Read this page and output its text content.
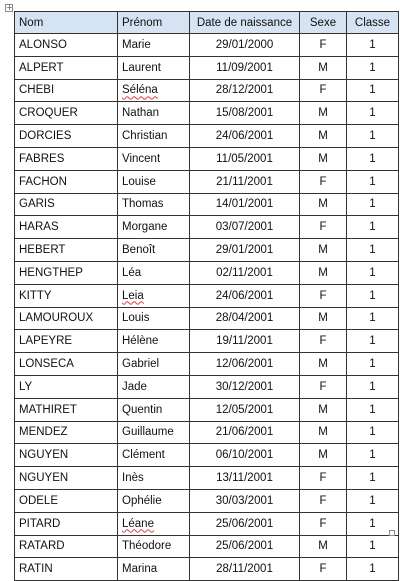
+
Nom	Prénom	Date de naissance	Sexe	Classe
ALONSO	Marie	29/01/2000	F	1
ALPERT	Laurent	11/09/2001	M	1
CHEBI	Séléna	28/12/2001	F	1
CROQUER	Nathan	15/08/2001	M	1
DORCIES	Christian	24/06/2001	M	1
FABRES	Vincent	11/05/2001	M	1
FACHON	Louise	21/11/2001	F	1
GARIS	Thomas	14/01/2001	M	1
HARAS	Morgane	03/07/2001	F	1
HEBERT	Benoît	29/01/2001	M	1
HENGTHEP	Léa	02/11/2001	M	1
KITTY	Leia	24/06/2001	F	1
LAMOUROUX	Louis	28/04/2001	M	1
LAPEYRE	Hélène	19/11/2001	F	1
LONSECA	Gabriel	12/06/2001	M	1
LY	Jade	30/12/2001	F	1
MATHIRET	Quentin	12/05/2001	M	1
MENDEZ	Guillaume	21/06/2001	M	1
NGUYEN	Clément	06/10/2001	M	1
NGUYEN	Inès	13/11/2001	F	1
ODELE	Ophélie	30/03/2001	F	1
PITARD	Léane	25/06/2001	F	1
RATARD	Théodore	25/06/2001	M	1
RATIN	Marina	28/11/2001	F	1
